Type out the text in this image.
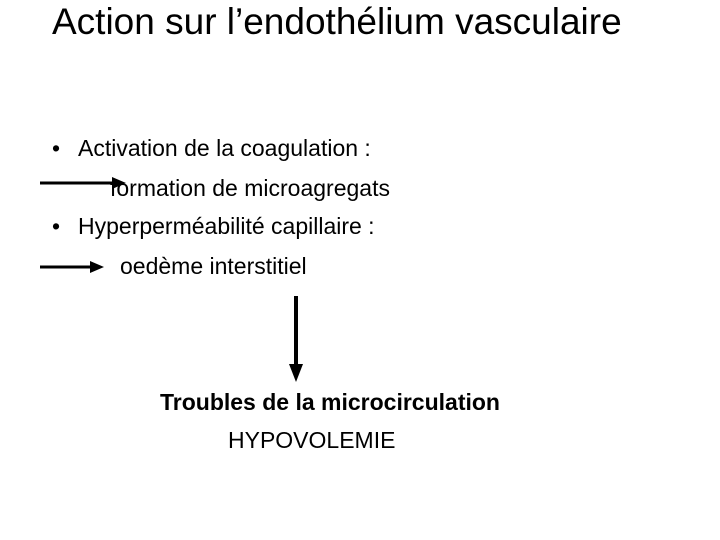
Action sur l’endothélium vasculaire
• Activation de la coagulation :
formation de microagregats
• Hyperperméabilité capillaire :
oedème interstitiel
Troubles de la microcirculation
HYPOVOLEMIE
